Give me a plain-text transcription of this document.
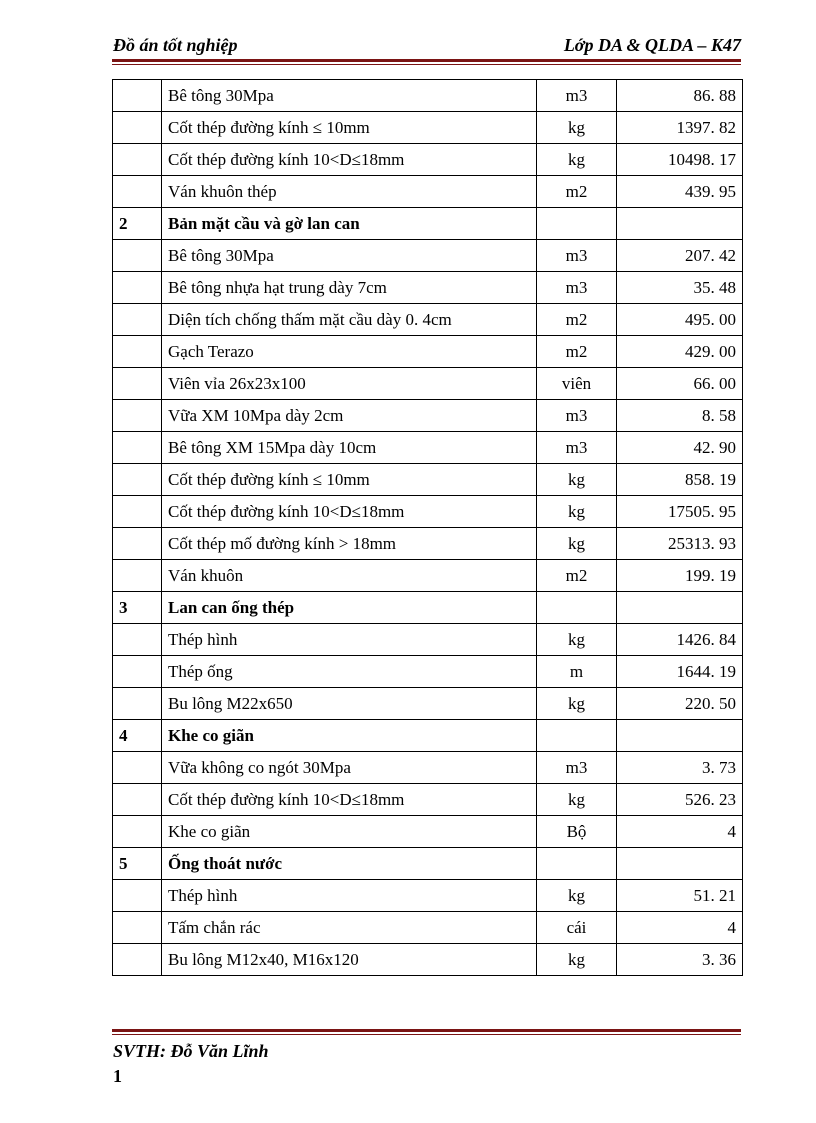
Đồ án tốt nghiệp	Lớp DA & QLDA – K47
	Bê tông 30Mpa	m3	86. 88
	Cốt thép đường kính ≤ 10mm	kg	1397. 82
	Cốt thép đường kính 10<D≤18mm	kg	10498. 17
	Ván khuôn thép	m2	439. 95
2	Bản mặt cầu và gờ lan can		
	Bê tông 30Mpa	m3	207. 42
	Bê tông nhựa hạt trung dày 7cm	m3	35. 48
	Diện tích chống thấm mặt cầu dày 0. 4cm	m2	495. 00
	Gạch Terazo	m2	429. 00
	Viên vỉa 26x23x100	viên	66. 00
	Vữa XM 10Mpa dày 2cm	m3	8. 58
	Bê tông XM 15Mpa dày 10cm	m3	42. 90
	Cốt thép đường kính ≤ 10mm	kg	858. 19
	Cốt thép đường kính 10<D≤18mm	kg	17505. 95
	Cốt thép mố đường kính > 18mm	kg	25313. 93
	Ván khuôn	m2	199. 19
3	Lan can ống thép		
	Thép hình	kg	1426. 84
	Thép ống	m	1644. 19
	Bu lông M22x650	kg	220. 50
4	Khe co giãn		
	Vữa không co ngót 30Mpa	m3	3. 73
	Cốt thép đường kính 10<D≤18mm	kg	526. 23
	Khe co giãn	Bộ	4
5	Ống thoát nước		
	Thép hình	kg	51. 21
	Tấm chắn rác	cái	4
	Bu lông M12x40, M16x120	kg	3. 36
SVTH: Đỗ Văn Lĩnh
1
